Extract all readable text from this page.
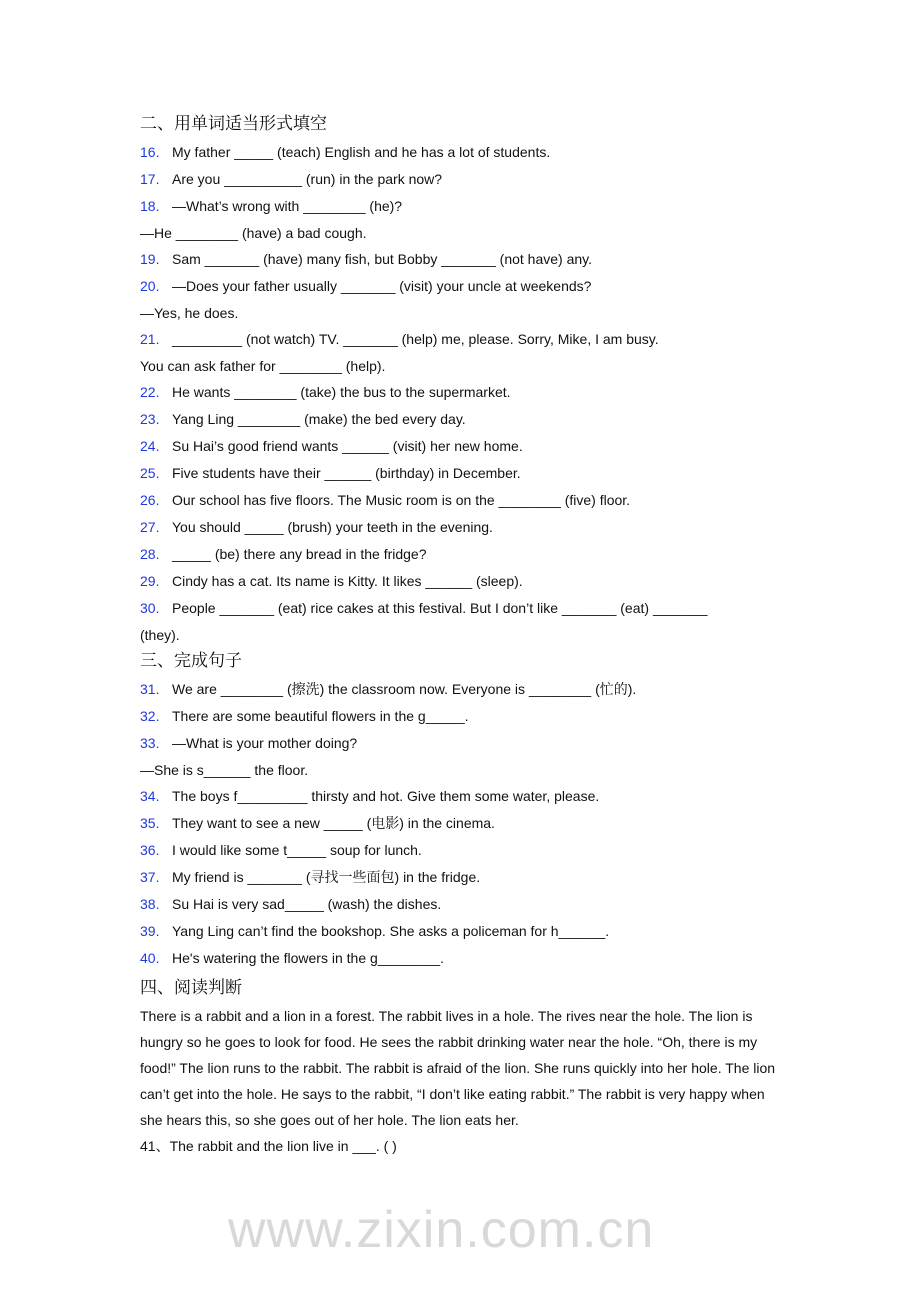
www.zixin.com.cn
二、用单词适当形式填空
16. My father _____ (teach) English and he has a lot of students.
17. Are you __________ (run) in the park now?
18. —What’s wrong with ________ (he)?
—He ________ (have) a bad cough.
19. Sam _______ (have) many fish, but Bobby _______ (not have) any.
20. —Does your father usually _______ (visit) your uncle at weekends?
—Yes, he does.
21. _________ (not watch) TV. _______ (help) me, please. Sorry, Mike, I am busy.
You can ask father for ________ (help).
22. He wants ________ (take) the bus to the supermarket.
23. Yang Ling ________ (make) the bed every day.
24. Su Hai’s good friend wants ______ (visit) her new home.
25. Five students have their ______ (birthday) in December.
26. Our school has five floors. The Music room is on the ________ (five) floor.
27. You should _____ (brush) your teeth in the evening.
28. _____ (be) there any bread in the fridge?
29. Cindy has a cat. Its name is Kitty. It likes ______ (sleep).
30. People _______ (eat) rice cakes at this festival. But I don’t like _______ (eat) _______
(they).
三、完成句子
31. We are ________ (擦洗) the classroom now. Everyone is ________ (忙的).
32. There are some beautiful flowers in the g_____.
33. —What is your mother doing?
—She is s______ the floor.
34. The boys f_________ thirsty and hot. Give them some water, please.
35. They want to see a new _____ (电影) in the cinema.
36. I would like some t_____ soup for lunch.
37. My friend is _______ (寻找一些面包) in the fridge.
38. Su Hai is very sad_____ (wash) the dishes.
39. Yang Ling can’t find the bookshop. She asks a policeman for h______.
40. He's watering the flowers in the g________.
四、阅读判断
There is a rabbit and a lion in a forest. The rabbit lives in a hole. The rives near the hole. The lion is hungry so he goes to look for food. He sees the rabbit drinking water near the hole. “Oh, there is my food!” The lion runs to the rabbit. The rabbit is afraid of the lion. She runs quickly into her hole. The lion can’t get into the hole. He says to the rabbit, “I don’t like eating rabbit.” The rabbit is very happy when she hears this, so she goes out of her hole. The lion eats her.
41、The rabbit and the lion live in ___. ( )
